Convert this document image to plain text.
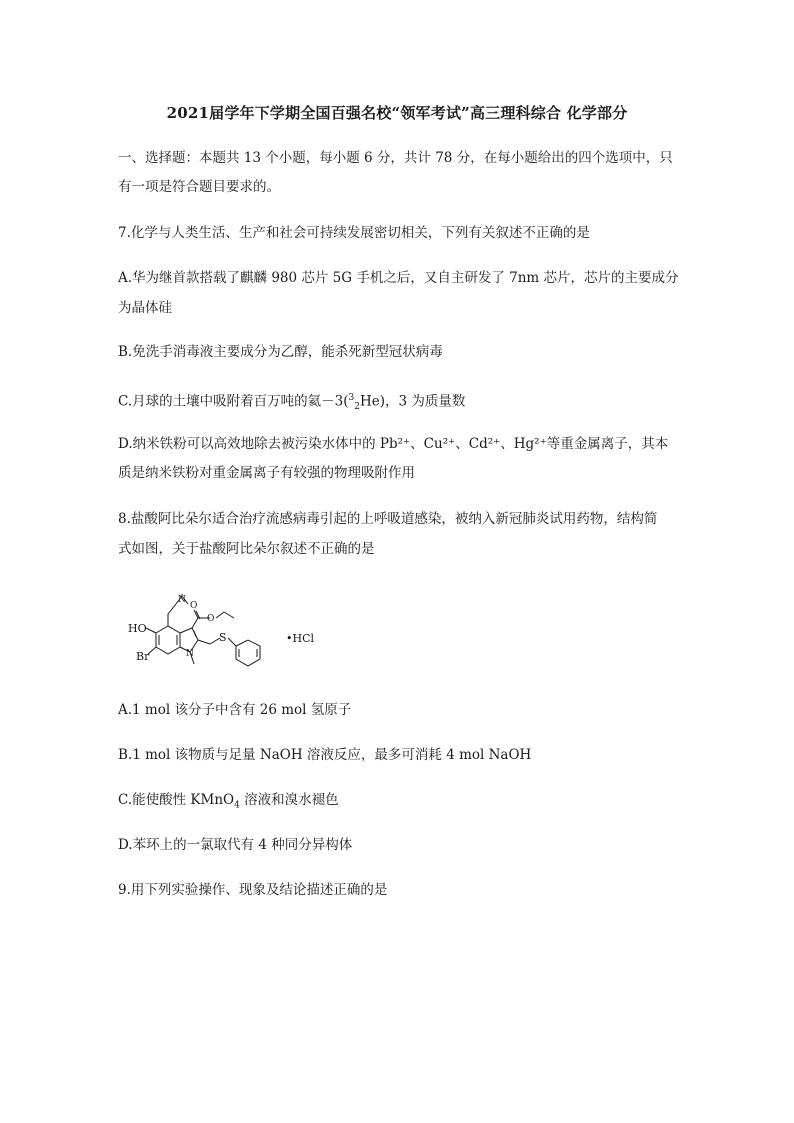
2021届学年下学期全国百强名校“领军考试”高三理科综合 化学部分
一、选择题：本题共 13 个小题，每小题 6 分，共计 78 分，在每小题给出的四个选项中，只
有一项是符合题目要求的。
7.化学与人类生活、生产和社会可持续发展密切相关，下列有关叙述不正确的是
A.华为继首款搭载了麒麟 980 芯片 5G 手机之后，又自主研发了 7nm 芯片，芯片的主要成分
为晶体硅
B.免洗手消毒液主要成分为乙醇，能杀死新型冠状病毒
C.月球的土壤中吸附着百万吨的氦－3($^3_2$He)，3 为质量数
D.纳米铁粉可以高效地除去被污染水体中的 Pb²⁺、Cu²⁺、Cd²⁺、Hg²⁺等重金属离子，其本
质是纳米铁粉对重金属离子有较强的物理吸附作用
8.盐酸阿比朵尔适合治疗流感病毒引起的上呼吸道感染，被纳入新冠肺炎试用药物，结构简
式如图，关于盐酸阿比朵尔叙述不正确的是
HO
Br
S	•HCl
O
O
N
N
A.1 mol 该分子中含有 26 mol 氢原子
B.1 mol 该物质与足量 NaOH 溶液反应，最多可消耗 4 mol NaOH
C.能使酸性 KMnO$_4$ 溶液和溴水褪色
D.苯环上的一氯取代有 4 种同分异构体
9.用下列实验操作、现象及结论描述正确的是
